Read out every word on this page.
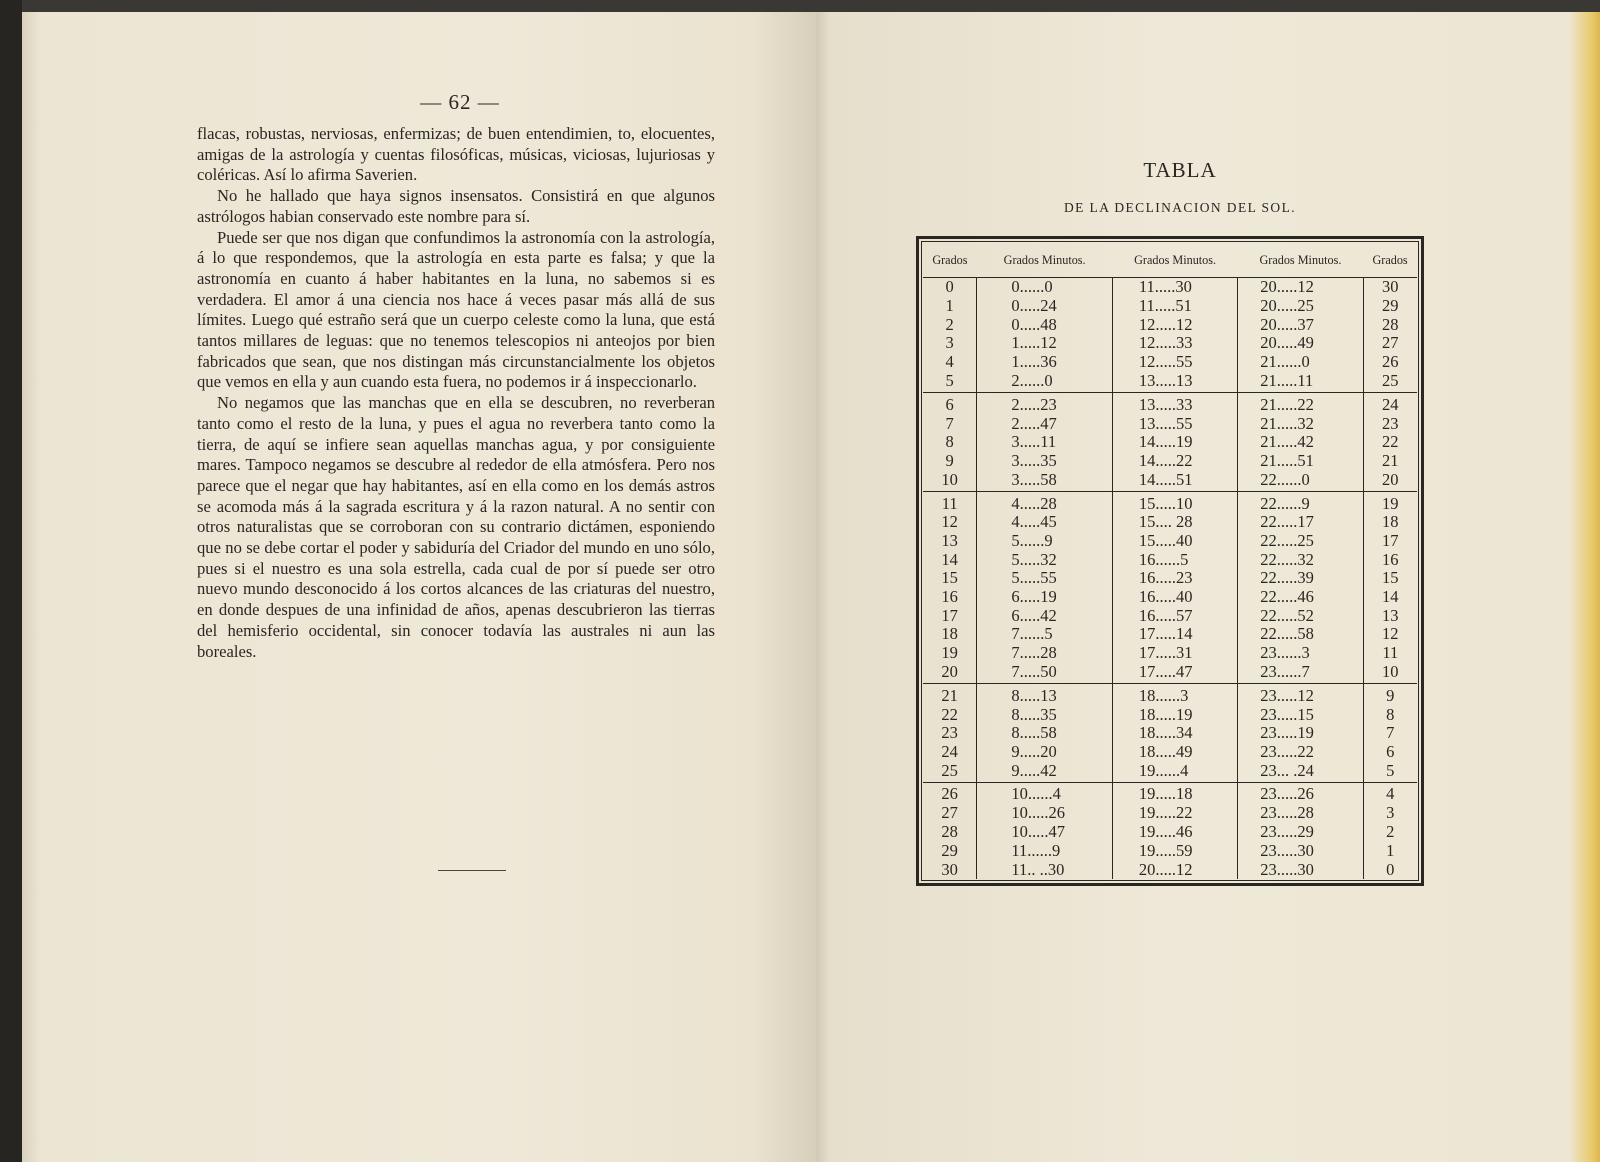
— 62 —

flacas, robustas, nerviosas, enfermizas; de buen entendimien, to, elocuentes, amigas de la astrología y cuentas filosóficas, músicas, viciosas, lujuriosas y coléricas. Así lo afirma Saverien.

No he hallado que haya signos insensatos. Consistirá en que algunos astrólogos habian conservado este nombre para sí.

Puede ser que nos digan que confundimos la astronomía con la astrología, á lo que respondemos, que la astrología en esta parte es falsa; y que la astronomía en cuanto á haber habitantes en la luna, no sabemos si es verdadera. El amor á una ciencia nos hace á veces pasar más allá de sus límites. Luego qué estraño será que un cuerpo celeste como la luna, que está tantos millares de leguas: que no tenemos telescopios ni anteojos por bien fabricados que sean, que nos distingan más circunstancialmente los objetos que vemos en ella y aun cuando esta fuera, no podemos ir á inspeccionarlo.

No negamos que las manchas que en ella se descubren, no reverberan tanto como el resto de la luna, y pues el agua no reverbera tanto como la tierra, de aquí se infiere sean aquellas manchas agua, y por consiguiente mares. Tampoco negamos se descubre al rededor de ella atmósfera. Pero nos parece que el negar que hay habitantes, así en ella como en los demás astros se acomoda más á la sagrada escritura y á la razon natural. A no sentir con otros naturalistas que se corroboran con su contrario dictámen, esponiendo que no se debe cortar el poder y sabiduría del Criador del mundo en uno sólo, pues si el nuestro es una sola estrella, cada cual de por sí puede ser otro nuevo mundo desconocido á los cortos alcances de las criaturas del nuestro, en donde despues de una infinidad de años, apenas descubrieron las tierras del hemisferio occidental, sin conocer todavía las australes ni aun las boreales.

TABLA
DE LA DECLINACION DEL SOL.
Grados	Grados Minutos.	Grados Minutos.	Grados Minutos.	Grados
0	0......0	11.....30	20.....12	30
1	0.....24	11.....51	20.....25	29
2	0.....48	12.....12	20.....37	28
3	1.....12	12.....33	20.....49	27
4	1.....36	12.....55	21......0	26
5	2......0	13.....13	21.....11	25
6	2.....23	13.....33	21.....22	24
7	2.....47	13.....55	21.....32	23
8	3.....11	14.....19	21.....42	22
9	3.....35	14.....22	21.....51	21
10	3.....58	14.....51	22......0	20
11	4.....28	15.....10	22......9	19
12	4.....45	15.... 28	22.....17	18
13	5......9	15.....40	22.....25	17
14	5.....32	16......5	22.....32	16
15	5.....55	16.....23	22.....39	15
16	6.....19	16.....40	22.....46	14
17	6.....42	16.....57	22.....52	13
18	7......5	17.....14	22.....58	12
19	7.....28	17.....31	23......3	11
20	7.....50	17.....47	23......7	10
21	8.....13	18......3	23.....12	9
22	8.....35	18.....19	23.....15	8
23	8.....58	18.....34	23.....19	7
24	9.....20	18.....49	23.....22	6
25	9.....42	19......4	23... .24	5
26	10......4	19.....18	23.....26	4
27	10.....26	19.....22	23.....28	3
28	10.....47	19.....46	23.....29	2
29	11......9	19.....59	23.....30	1
30	11.. ..30	20.....12	23.....30	0
